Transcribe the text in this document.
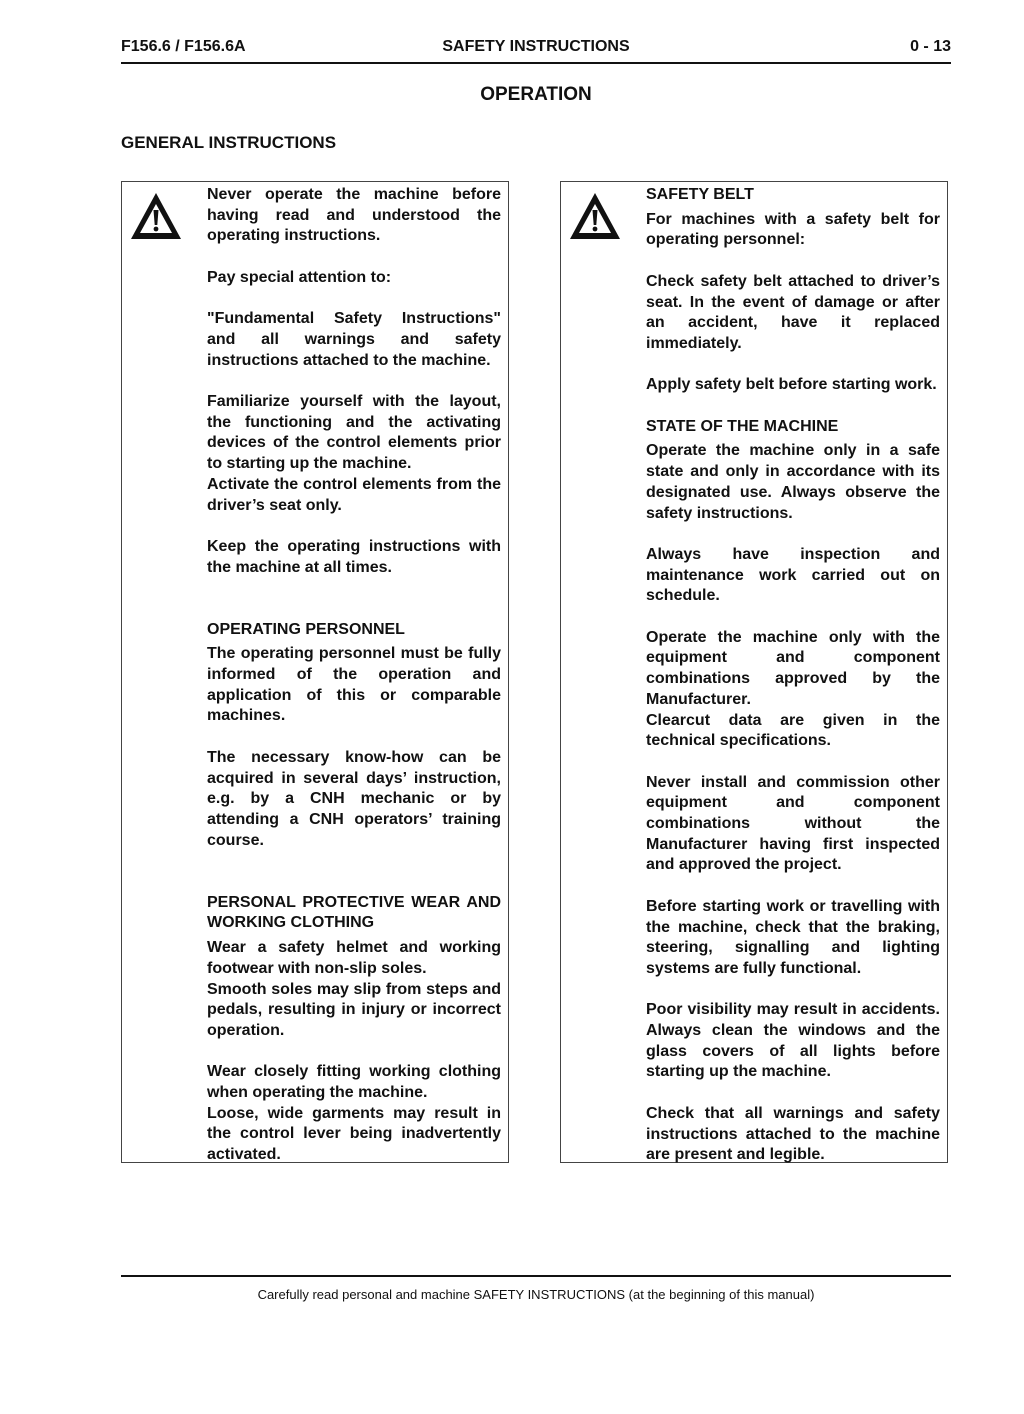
F156.6 / F156.6A	SAFETY INSTRUCTIONS	0 - 13
OPERATION
GENERAL INSTRUCTIONS

Never operate the machine before having read and understood the operating instructions.

Pay special attention to:

"Fundamental Safety Instructions" and all warnings and safety instructions attached to the machine.

Familiarize yourself with the layout, the functioning and the activating devices of the control elements prior to starting up the machine.

Activate the control elements from the driver’s seat only.

Keep the operating instructions with the machine at all times.

OPERATING PERSONNEL

The operating personnel must be fully informed of the operation and application of this or comparable machines.

The necessary know-how can be acquired in several days’ instruction, e.g. by a CNH mechanic or by attending a CNH operators’ training course.

PERSONAL PROTECTIVE WEAR AND WORKING CLOTHING

Wear a safety helmet and working footwear with non-slip soles.

Smooth soles may slip from steps and pedals, resulting in injury or incorrect operation.

Wear closely fitting working clothing when operating the machine.

Loose, wide garments may result in the control lever being inadvertently activated.

SAFETY BELT

For machines with a safety belt for operating personnel:

Check safety belt attached to driver’s seat. In the event of damage or after an accident, have it replaced immediately.

Apply safety belt before starting work.

STATE OF THE MACHINE

Operate the machine only in a safe state and only in accordance with its designated use. Always observe the safety instructions.

Always have inspection and maintenance work carried out on schedule.

Operate the machine only with the equipment and component combinations approved by the Manufacturer.

Clearcut data are given in the technical specifications.

Never install and commission other equipment and component combinations without the Manufacturer having first inspected and approved the project.

Before starting work or travelling with the machine, check that the braking, steering, signalling and lighting systems are fully functional.

Poor visibility may result in accidents. Always clean the windows and the glass covers of all lights before starting up the machine.

Check that all warnings and safety instructions attached to the machine are present and legible.

Carefully read personal and machine SAFETY INSTRUCTIONS (at the beginning of this manual)
